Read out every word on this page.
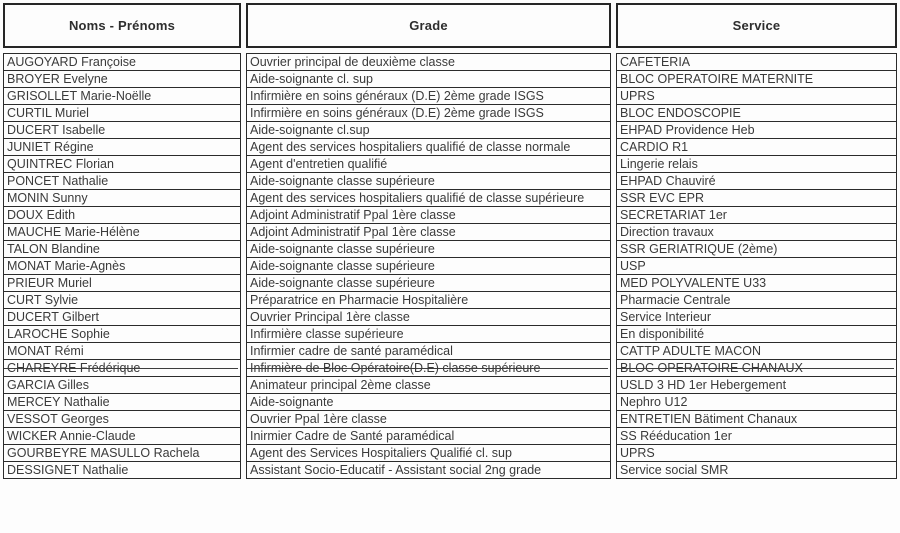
Noms - Prénoms	Grade	Service
AUGOYARD Françoise	Ouvrier principal de deuxième classe	CAFETERIA
BROYER Evelyne	Aide-soignante cl. sup	BLOC OPERATOIRE MATERNITE
GRISOLLET Marie-Noëlle	Infirmière en soins généraux (D.E) 2ème grade ISGS	UPRS
CURTIL Muriel	Infirmière en soins généraux (D.E) 2ème grade ISGS	BLOC ENDOSCOPIE
DUCERT Isabelle	Aide-soignante cl.sup	EHPAD Providence Heb
JUNIET Régine	Agent des services hospitaliers qualifié de classe normale	CARDIO R1
QUINTREC Florian	Agent d'entretien qualifié	Lingerie relais
PONCET Nathalie	Aide-soignante classe supérieure	EHPAD Chauviré
MONIN Sunny	Agent des services hospitaliers qualifié de classe supérieure	SSR EVC EPR
DOUX Edith	Adjoint Administratif Ppal 1ère classe	SECRETARIAT 1er
MAUCHE Marie-Hélène	Adjoint Administratif Ppal 1ère classe	Direction travaux
TALON Blandine	Aide-soignante classe supérieure	SSR GERIATRIQUE (2ème)
MONAT Marie-Agnès	Aide-soignante classe supérieure	USP
PRIEUR Muriel	Aide-soignante classe supérieure	MED POLYVALENTE U33
CURT Sylvie	Préparatrice en Pharmacie Hospitalière	Pharmacie Centrale
DUCERT Gilbert	Ouvrier Principal 1ère classe	Service Interieur
LAROCHE Sophie	Infirmière classe supérieure	En disponibilité
MONAT Rémi	Infirmier cadre de santé paramédical	CATTP ADULTE MACON
CHAREYRE Frédérique	Infirmière de Bloc Opératoire(D.E) classe supérieure	BLOC OPERATOIRE CHANAUX
GARCIA Gilles	Animateur principal 2ème classe	USLD 3 HD 1er Hebergement
MERCEY Nathalie	Aide-soignante	Nephro U12
VESSOT Georges	Ouvrier Ppal 1ère classe	ENTRETIEN Bätiment Chanaux
WICKER Annie-Claude	Inirmier Cadre de Santé paramédical	SS Rééducation 1er
GOURBEYRE MASULLO Rachela	Agent des Services Hospitaliers Qualifié cl. sup	UPRS
DESSIGNET Nathalie	Assistant Socio-Educatif - Assistant social 2ng grade	Service social SMR
